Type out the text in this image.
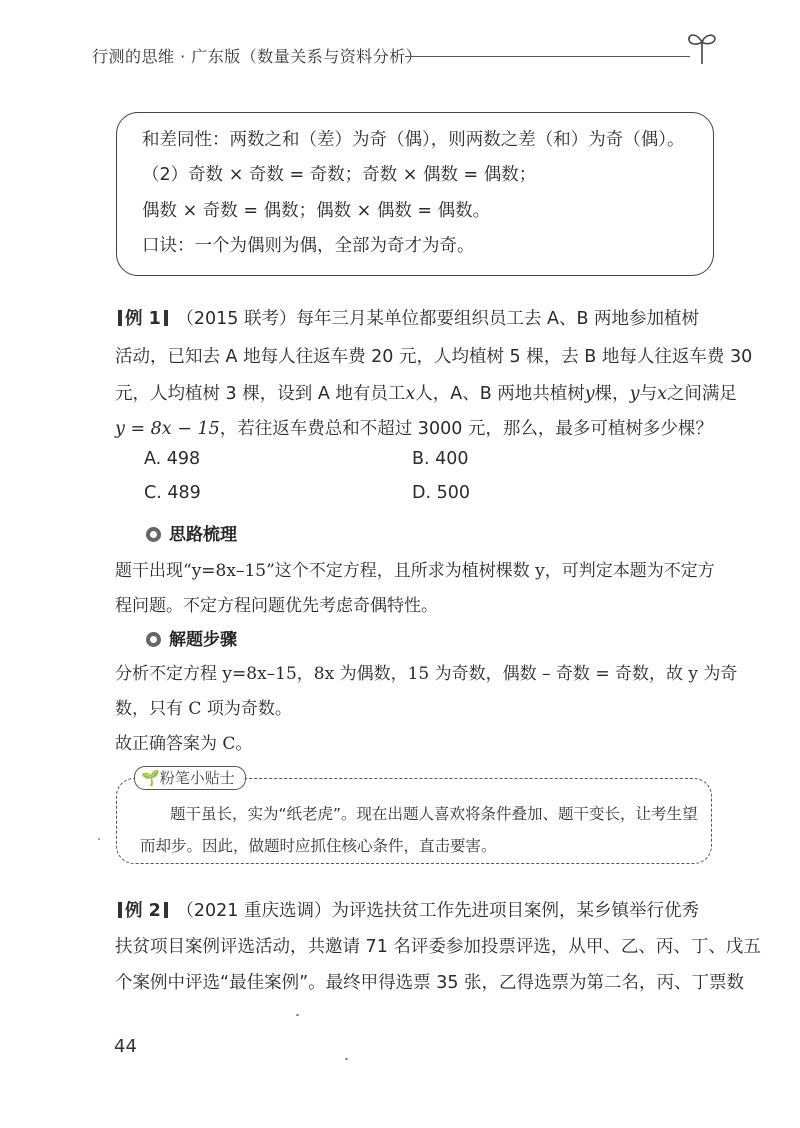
行测的思维 · 广东版（数量关系与资料分析）
和差同性：两数之和（差）为奇（偶），则两数之差（和）为奇（偶）。
（2）奇数 × 奇数 = 奇数；奇数 × 偶数 = 偶数；
偶数 × 奇数 = 偶数；偶数 × 偶数 = 偶数。
口诀：一个为偶则为偶，全部为奇才为奇。
例 1 （2015 联考）每年三月某单位都要组织员工去 A、B 两地参加植树
活动，已知去 A 地每人往返车费 20 元，人均植树 5 棵，去 B 地每人往返车费 30
元，人均植树 3 棵，设到 A 地有员工x人，A、B 两地共植树y棵，y与x之间满足
y = 8x − 15，若往返车费总和不超过 3000 元，那么，最多可植树多少棵？
A. 498	B. 400
C. 489	D. 500
思路梳理
题干出现“y=8x–15”这个不定方程，且所求为植树棵数 y，可判定本题为不定方
程问题。不定方程问题优先考虑奇偶特性。
解题步骤
分析不定方程 y=8x–15，8x 为偶数，15 为奇数，偶数 – 奇数 = 奇数，故 y 为奇
数，只有 C 项为奇数。
故正确答案为 C。
🌱粉笔小贴士
题干虽长，实为“纸老虎”。现在出题人喜欢将条件叠加、题干变长，让考生望
而却步。因此，做题时应抓住核心条件，直击要害。
例 2 （2021 重庆选调）为评选扶贫工作先进项目案例，某乡镇举行优秀
扶贫项目案例评选活动，共邀请 71 名评委参加投票评选，从甲、乙、丙、丁、戊五
个案例中评选“最佳案例”。最终甲得选票 35 张，乙得选票为第二名，丙、丁票数
44
